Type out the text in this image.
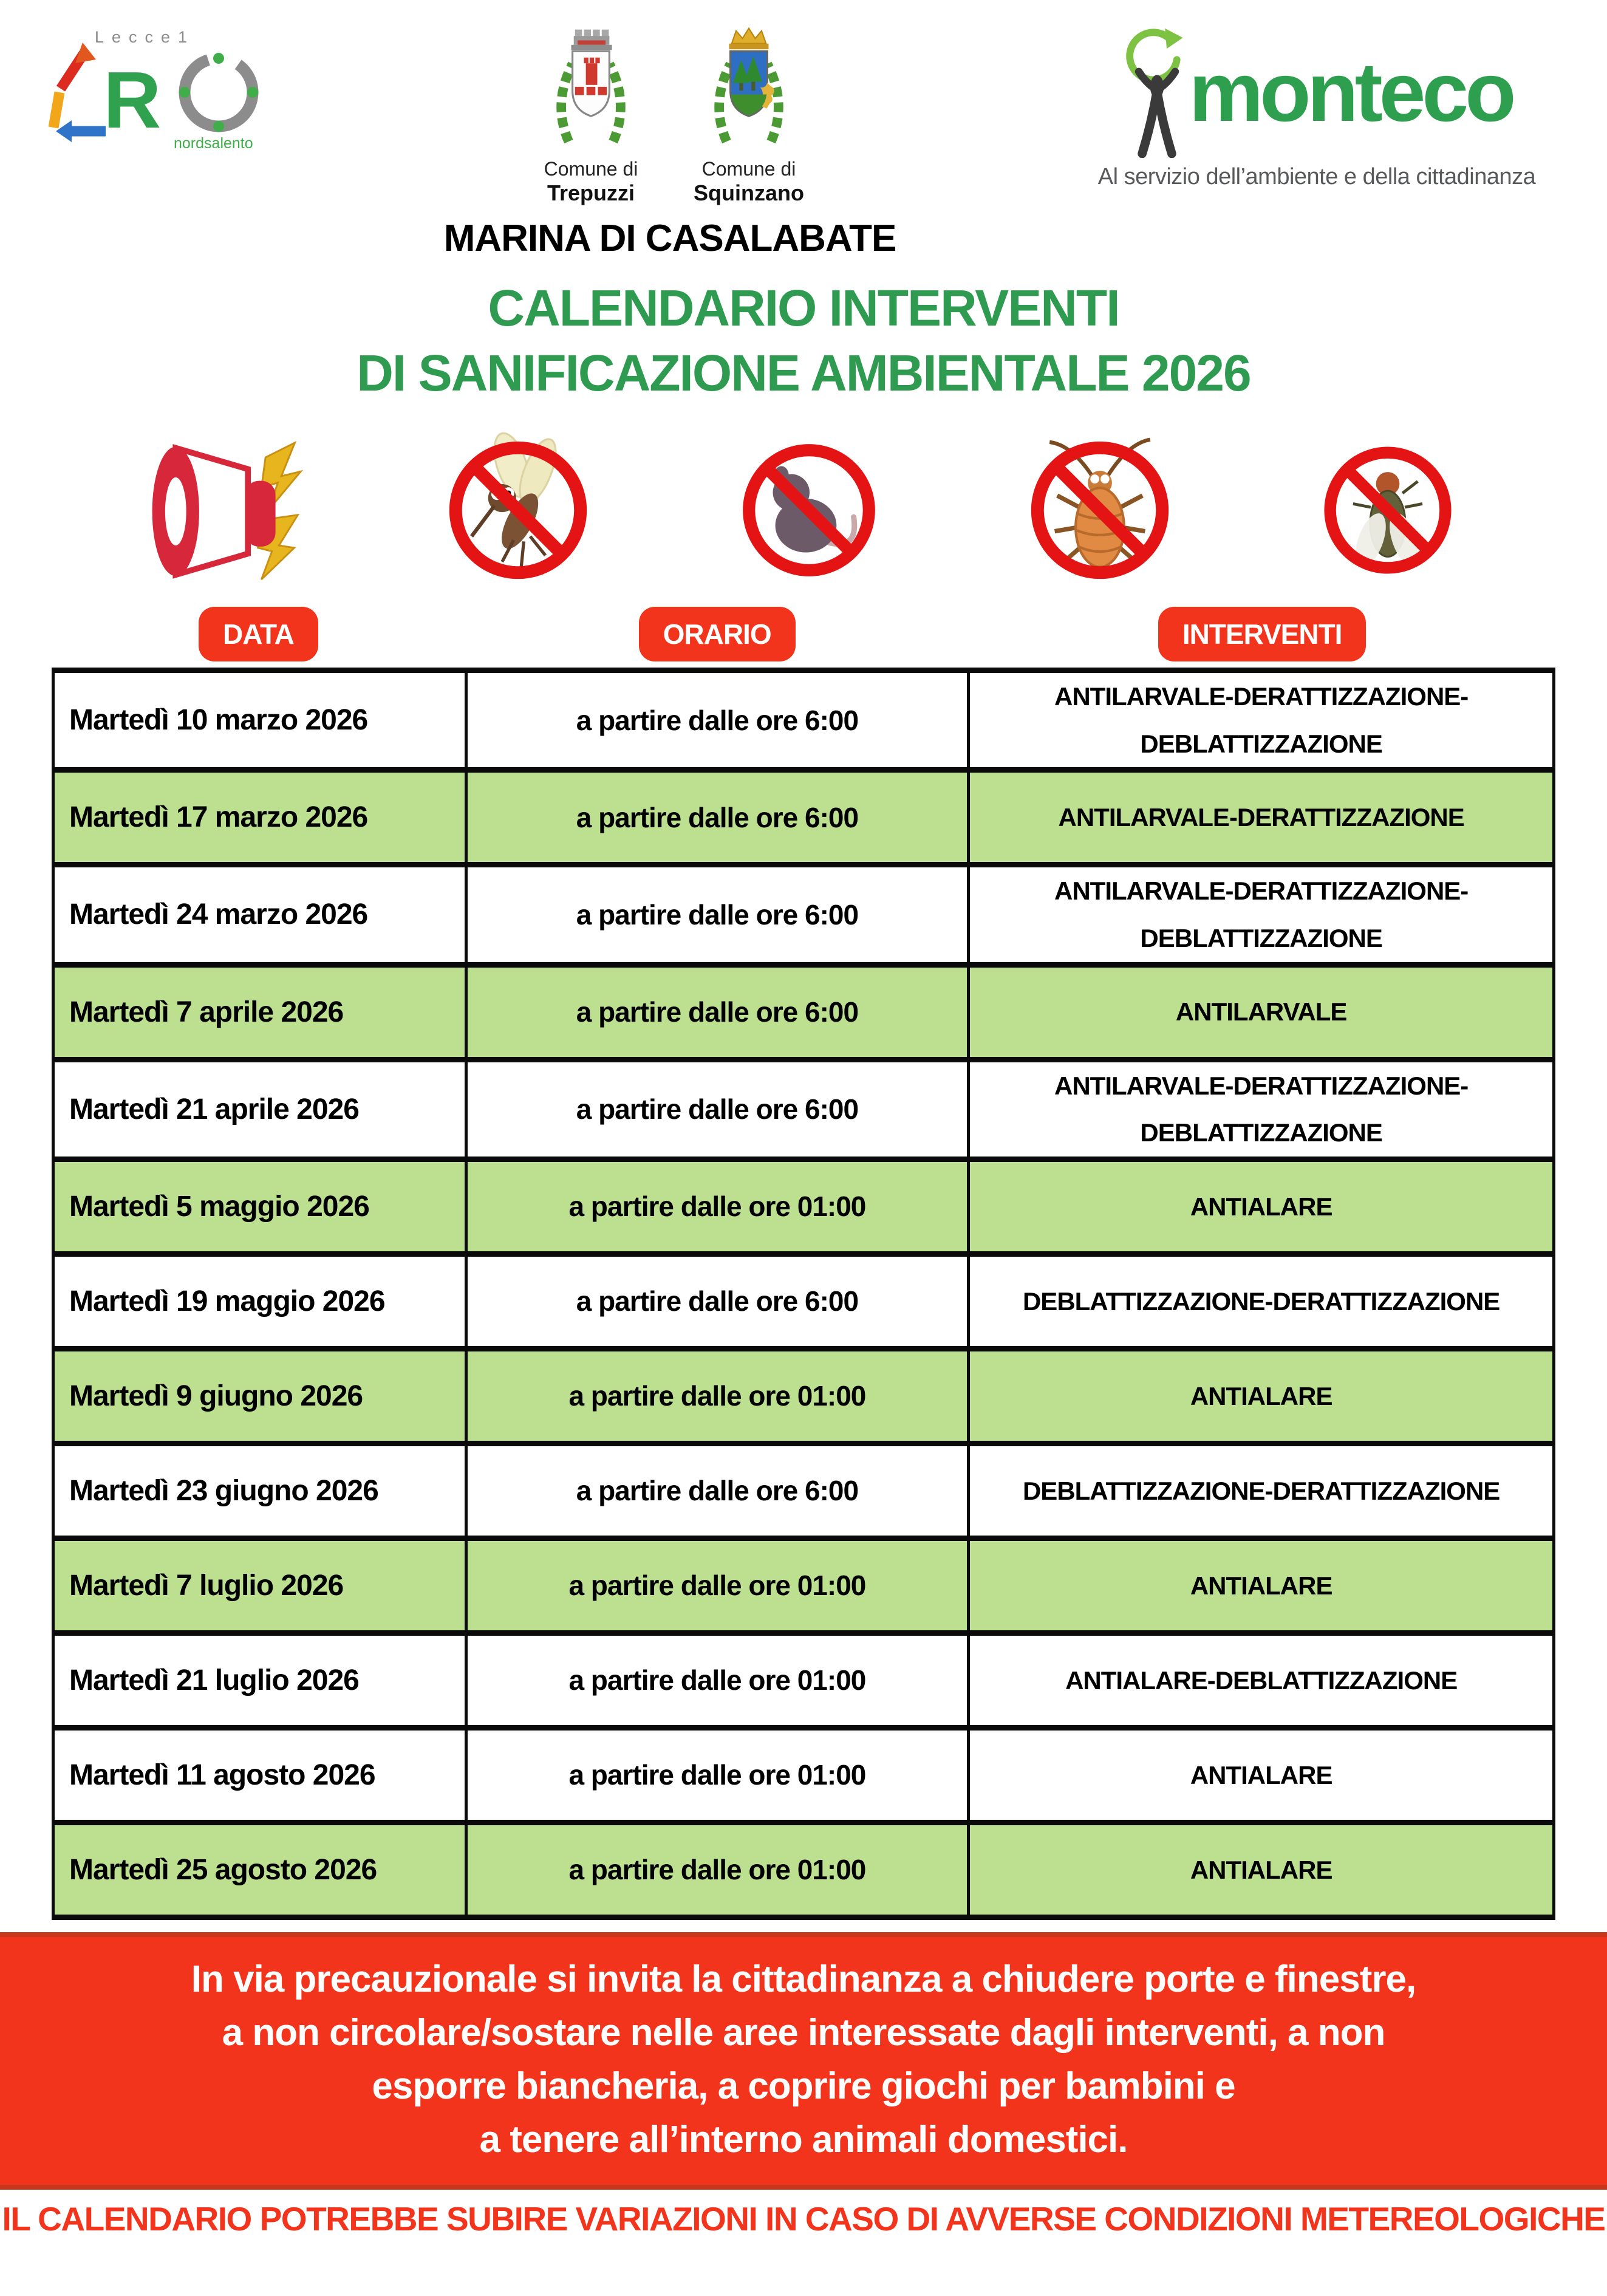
Lecce1
R nordsalento
Comune di
Trepuzzi
Comune di
Squinzano
MARINA DI CASALABATE
monteco
Al servizio dell’ambiente e della cittadinanza
CALENDARIO INTERVENTI
DI SANIFICAZIONE AMBIENTALE 2026
DATA	ORARIO	INTERVENTI
Martedì 10 marzo 2026	a partire dalle ore 6:00	ANTILARVALE-DERATTIZZAZIONE-DEBLATTIZZAZIONE
Martedì 17 marzo 2026	a partire dalle ore 6:00	ANTILARVALE-DERATTIZZAZIONE
Martedì 24 marzo 2026	a partire dalle ore 6:00	ANTILARVALE-DERATTIZZAZIONE-DEBLATTIZZAZIONE
Martedì 7 aprile 2026	a partire dalle ore 6:00	ANTILARVALE
Martedì 21 aprile 2026	a partire dalle ore 6:00	ANTILARVALE-DERATTIZZAZIONE-DEBLATTIZZAZIONE
Martedì 5 maggio 2026	a partire dalle ore 01:00	ANTIALARE
Martedì 19 maggio 2026	a partire dalle ore 6:00	DEBLATTIZZAZIONE-DERATTIZZAZIONE
Martedì 9 giugno 2026	a partire dalle ore 01:00	ANTIALARE
Martedì 23 giugno 2026	a partire dalle ore 6:00	DEBLATTIZZAZIONE-DERATTIZZAZIONE
Martedì 7 luglio 2026	a partire dalle ore 01:00	ANTIALARE
Martedì 21 luglio 2026	a partire dalle ore 01:00	ANTIALARE-DEBLATTIZZAZIONE
Martedì 11 agosto 2026	a partire dalle ore 01:00	ANTIALARE
Martedì 25 agosto 2026	a partire dalle ore 01:00	ANTIALARE
In via precauzionale si invita la cittadinanza a chiudere porte e finestre,
a non circolare/sostare nelle aree interessate dagli interventi, a non
esporre biancheria, a coprire giochi per bambini e
a tenere all’interno animali domestici.
IL CALENDARIO POTREBBE SUBIRE VARIAZIONI IN CASO DI AVVERSE CONDIZIONI METEREOLOGICHE
